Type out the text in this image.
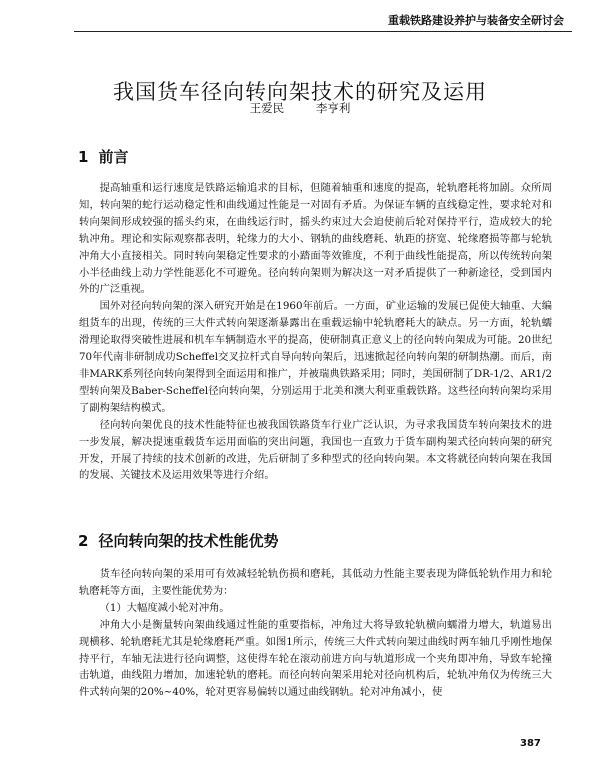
重载铁路建设养护与装备安全研讨会
我国货车径向转向架技术的研究及运用
王爱民	李亨利
1 前言

提高轴重和运行速度是铁路运输追求的目标，但随着轴重和速度的提高，轮轨磨耗将加剧。众所周知，转向架的蛇行运动稳定性和曲线通过性能是一对固有矛盾。为保证车辆的直线稳定性，要求轮对和转向架间形成较强的摇头约束，在曲线运行时，摇头约束过大会迫使前后轮对保持平行，造成较大的轮轨冲角。理论和实际观察都表明，轮缘力的大小、钢轨的曲线磨耗、轨距的挤宽、轮缘磨损等都与轮轨冲角大小直接相关。同时转向架稳定性要求的小踏面等效锥度，不利于曲线性能提高，所以传统转向架小半径曲线上动力学性能恶化不可避免。径向转向架则为解决这一对矛盾提供了一种新途径，受到国内外的广泛重视。

国外对径向转向架的深入研究开始是在1960年前后。一方面，矿业运输的发展已促使大轴重、大编组货车的出现，传统的三大件式转向架逐渐暴露出在重载运输中轮轨磨耗大的缺点。另一方面，轮轨蠕滑理论取得突破性进展和机车车辆制造水平的提高，使研制真正意义上的径向转向架成为可能。20世纪70年代南非研制成功Scheffel交叉拉杆式自导向转向架后，迅速掀起径向转向架的研制热潮。而后，南非MARK系列径向转向架得到全面运用和推广，并被瑞典铁路采用；同时，美国研制了DR-1/2、AR1/2型转向架及Baber-Scheffel径向转向架，分别运用于北美和澳大利亚重载铁路。这些径向转向架均采用了副构架结构模式。

径向转向架优良的技术性能特征也被我国铁路货车行业广泛认识，为寻求我国货车转向架技术的进一步发展，解决提速重载货车运用面临的突出问题，我国也一直致力于货车副构架式径向转向架的研究开发，开展了持续的技术创新的改进，先后研制了多种型式的径向转向架。本文将就径向转向架在我国的发展、关键技术及运用效果等进行介绍。

2 径向转向架的技术性能优势

货车径向转向架的采用可有效减轻轮轨伤损和磨耗，其低动力性能主要表现为降低轮轨作用力和轮轨磨耗等方面，主要性能优势为：

（1）大幅度减小轮对冲角。

冲角大小是衡量转向架曲线通过性能的重要指标，冲角过大将导致轮轨横向蠕滑力增大，轨道易出现横移、轮轨磨耗尤其是轮缘磨耗严重。如图1所示，传统三大件式转向架过曲线时两车轴几乎刚性地保持平行，车轴无法进行径向调整，这使得车轮在滚动前进方向与轨道形成一个夹角即冲角，导致车轮撞击轨道，曲线阻力增加，加速轮轨的磨耗。而径向转向架采用轮对径向机构后，轮轨冲角仅为传统三大件式转向架的20%~40%，轮对更容易偏转以通过曲线钢轨。轮对冲角减小，使

387
